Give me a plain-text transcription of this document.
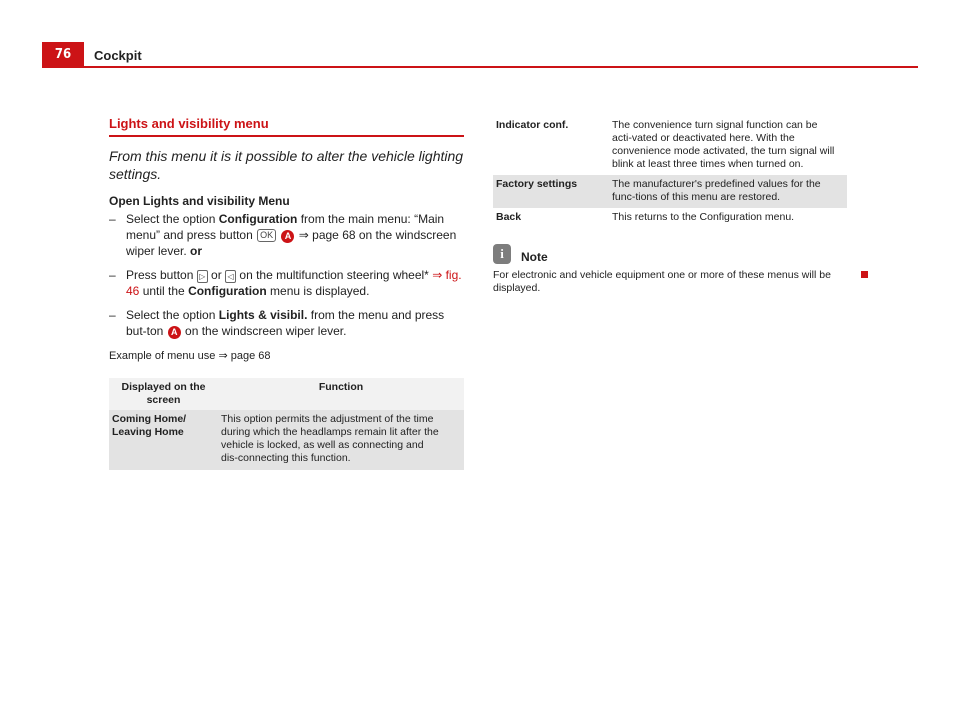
76	Cockpit
Lights and visibility menu
From this menu it is it possible to alter the vehicle lighting settings.
Open Lights and visibility Menu
– Select the option Configuration from the main menu: “Main menu” and press button OK A ⇒ page 68 on the windscreen wiper lever. or
– Press button ▷ or ◁ on the multifunction steering wheel* ⇒ fig. 46 until the Configuration menu is displayed.
– Select the option Lights & visibil. from the menu and press but‑ton A on the windscreen wiper lever.
Example of menu use ⇒ page 68
Displayed on the screen	Function
Coming Home/ Leaving Home	This option permits the adjustment of the time during which the headlamps remain lit after the vehicle is locked, as well as connecting and dis‑connecting this function.
Indicator conf.	The convenience turn signal function can be acti‑vated or deactivated here. With the convenience mode activated, the turn signal will blink at least three times when turned on.
Factory settings	The manufacturer's predefined values for the func‑tions of this menu are restored.
Back	This returns to the Configuration menu.
i	Note
For electronic and vehicle equipment one or more of these menus will be displayed.
